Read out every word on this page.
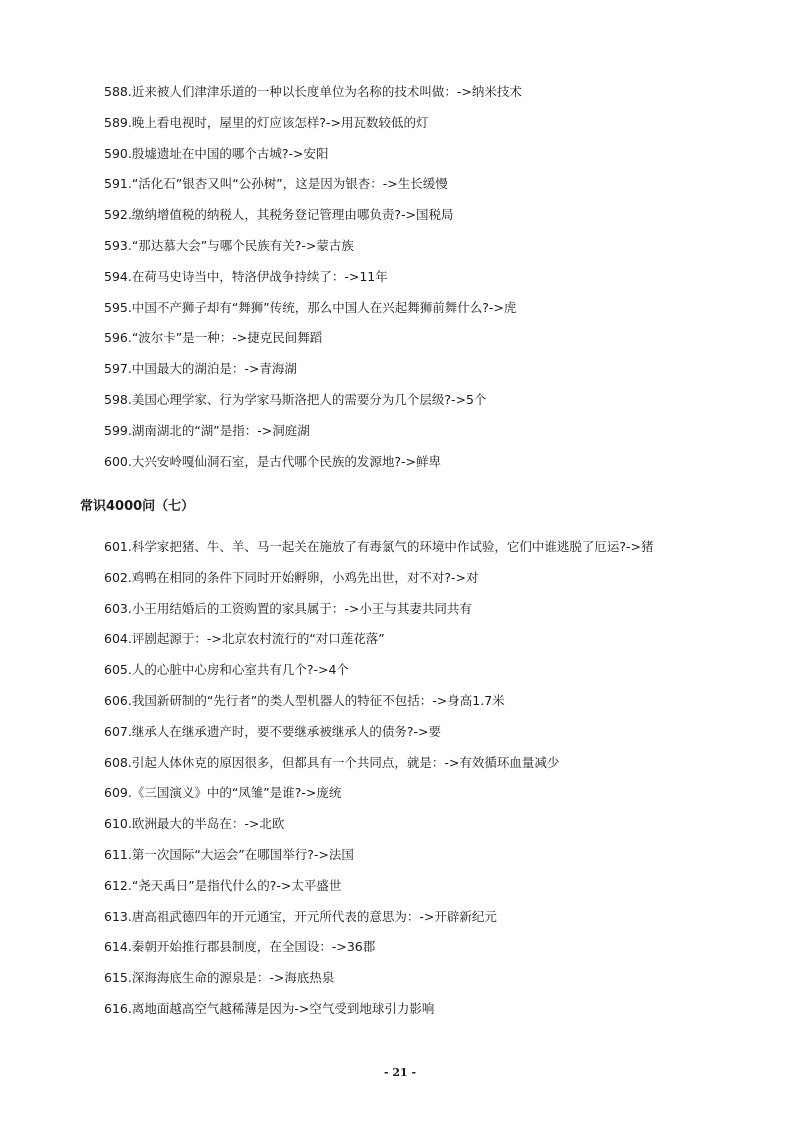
588.近来被人们津津乐道的一种以长度单位为名称的技术叫做：->纳米技术
589.晚上看电视时，屋里的灯应该怎样?->用瓦数较低的灯
590.殷墟遗址在中国的哪个古城?->安阳
591.“活化石”银杏又叫“公孙树”，这是因为银杏：->生长缓慢
592.缴纳增值税的纳税人，其税务登记管理由哪负责?->国税局
593.“那达慕大会”与哪个民族有关?->蒙古族
594.在荷马史诗当中，特洛伊战争持续了：->11年
595.中国不产狮子却有“舞狮”传统，那么中国人在兴起舞狮前舞什么?->虎
596.“波尔卡”是一种：->捷克民间舞蹈
597.中国最大的湖泊是：->青海湖
598.美国心理学家、行为学家马斯洛把人的需要分为几个层级?->5个
599.湖南湖北的“湖”是指：->洞庭湖
600.大兴安岭嘎仙洞石室，是古代哪个民族的发源地?->鲜卑
常识4000问（七）
601.科学家把猪、牛、羊、马一起关在施放了有毒氯气的环境中作试验，它们中谁逃脱了厄运?->猪
602.鸡鸭在相同的条件下同时开始孵卵，小鸡先出世，对不对?->对
603.小王用结婚后的工资购置的家具属于：->小王与其妻共同共有
604.评剧起源于：->北京农村流行的“对口莲花落”
605.人的心脏中心房和心室共有几个?->4个
606.我国新研制的“先行者”的类人型机器人的特征不包括：->身高1.7米
607.继承人在继承遗产时，要不要继承被继承人的债务?->要
608.引起人体休克的原因很多，但都具有一个共同点，就是：->有效循环血量减少
609.《三国演义》中的“凤雏”是谁?->庞统
610.欧洲最大的半岛在：->北欧
611.第一次国际“大运会”在哪国举行?->法国
612.“尧天禹日”是指代什么的?->太平盛世
613.唐高祖武德四年的开元通宝，开元所代表的意思为：->开辟新纪元
614.秦朝开始推行郡县制度，在全国设：->36郡
615.深海海底生命的源泉是：->海底热泉
616.离地面越高空气越稀薄是因为->空气受到地球引力影响
- 21 -
